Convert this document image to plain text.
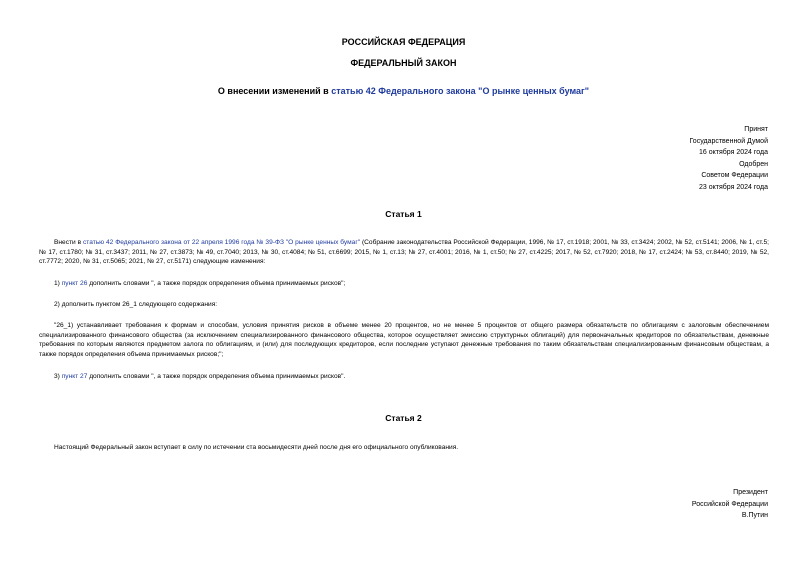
РОССИЙСКАЯ ФЕДЕРАЦИЯ
ФЕДЕРАЛЬНЫЙ ЗАКОН
О внесении изменений в статью 42 Федерального закона "О рынке ценных бумаг"
Принят
Государственной Думой
16 октября 2024 года
Одобрен
Советом Федерации
23 октября 2024 года
Статья 1
Внести в статью 42 Федерального закона от 22 апреля 1996 года № 39-ФЗ "О рынке ценных бумаг" (Собрание законодательства Российской Федерации, 1996, № 17, ст.1918; 2001, № 33, ст.3424; 2002, № 52, ст.5141; 2006, № 1, ст.5; № 17, ст.1780; № 31, ст.3437; 2011, № 27, ст.3873; № 49, ст.7040; 2013, № 30, ст.4084; № 51, ст.6699; 2015, № 1, ст.13; № 27, ст.4001; 2016, № 1, ст.50; № 27, ст.4225; 2017, № 52, ст.7920; 2018, № 17, ст.2424; № 53, ст.8440; 2019, № 52, ст.7772; 2020, № 31, ст.5065; 2021, № 27, ст.5171) следующие изменения:
1) пункт 26 дополнить словами ", а также порядок определения объема принимаемых рисков";
2) дополнить пунктом 26_1 следующего содержания:
"26_1) устанавливает требования к формам и способам, условия принятия рисков в объеме менее 20 процентов, но не менее 5 процентов от общего размера обязательств по облигациям с залоговым обеспечением специализированного финансового общества (за исключением специализированного финансового общества, которое осуществляет эмиссию структурных облигаций) для первоначальных кредиторов по обязательствам, денежные требования по которым являются предметом залога по облигациям, и (или) для последующих кредиторов, если последние уступают денежные требования по таким обязательствам специализированным финансовым обществам, а также порядок определения объема принимаемых рисков;";
3) пункт 27 дополнить словами ", а также порядок определения объема принимаемых рисков".
Статья 2
Настоящий Федеральный закон вступает в силу по истечении ста восьмидесяти дней после дня его официального опубликования.
Президент
Российской Федерации
В.Путин
